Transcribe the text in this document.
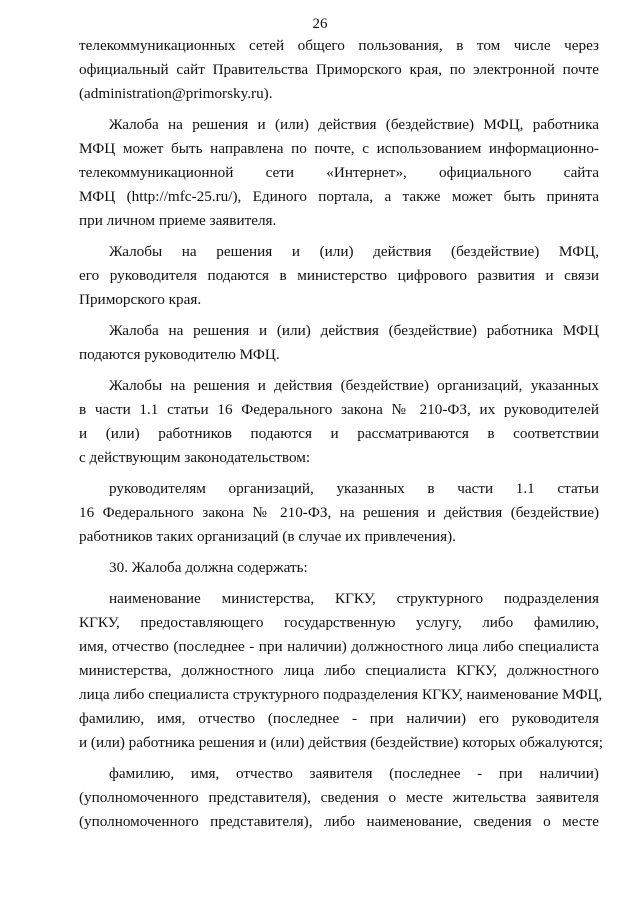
26
телекоммуникационных сетей общего пользования, в том числе через
официальный сайт Правительства Приморского края, по электронной почте
(administration@primorsky.ru).
Жалоба на решения и (или) действия (бездействие) МФЦ, работника
МФЦ может быть направлена по почте, с использованием информационно-
телекоммуникационной сети «Интернет», официального сайта
МФЦ (http://mfc-25.ru/), Единого портала, а также может быть принята
при личном приеме заявителя.
Жалобы на решения и (или) действия (бездействие) МФЦ,
его руководителя подаются в министерство цифрового развития и связи
Приморского края.
Жалоба на решения и (или) действия (бездействие) работника МФЦ
подаются руководителю МФЦ.
Жалобы на решения и действия (бездействие) организаций, указанных
в части 1.1 статьи 16 Федерального закона № 210-ФЗ, их руководителей
и (или) работников подаются и рассматриваются в соответствии
с действующим законодательством:
руководителям организаций, указанных в части 1.1 статьи
16 Федерального закона № 210-ФЗ, на решения и действия (бездействие)
работников таких организаций (в случае их привлечения).
30. Жалоба должна содержать:
наименование министерства, КГКУ, структурного подразделения
КГКУ, предоставляющего государственную услугу, либо фамилию,
имя, отчество (последнее - при наличии) должностного лица либо специалиста
министерства, должностного лица либо специалиста КГКУ, должностного
лица либо специалиста структурного подразделения КГКУ, наименование МФЦ,
фамилию, имя, отчество (последнее - при наличии) его руководителя
и (или) работника решения и (или) действия (бездействие) которых обжалуются;
фамилию, имя, отчество заявителя (последнее - при наличии)
(уполномоченного представителя), сведения о месте жительства заявителя
(уполномоченного представителя), либо наименование, сведения о месте
